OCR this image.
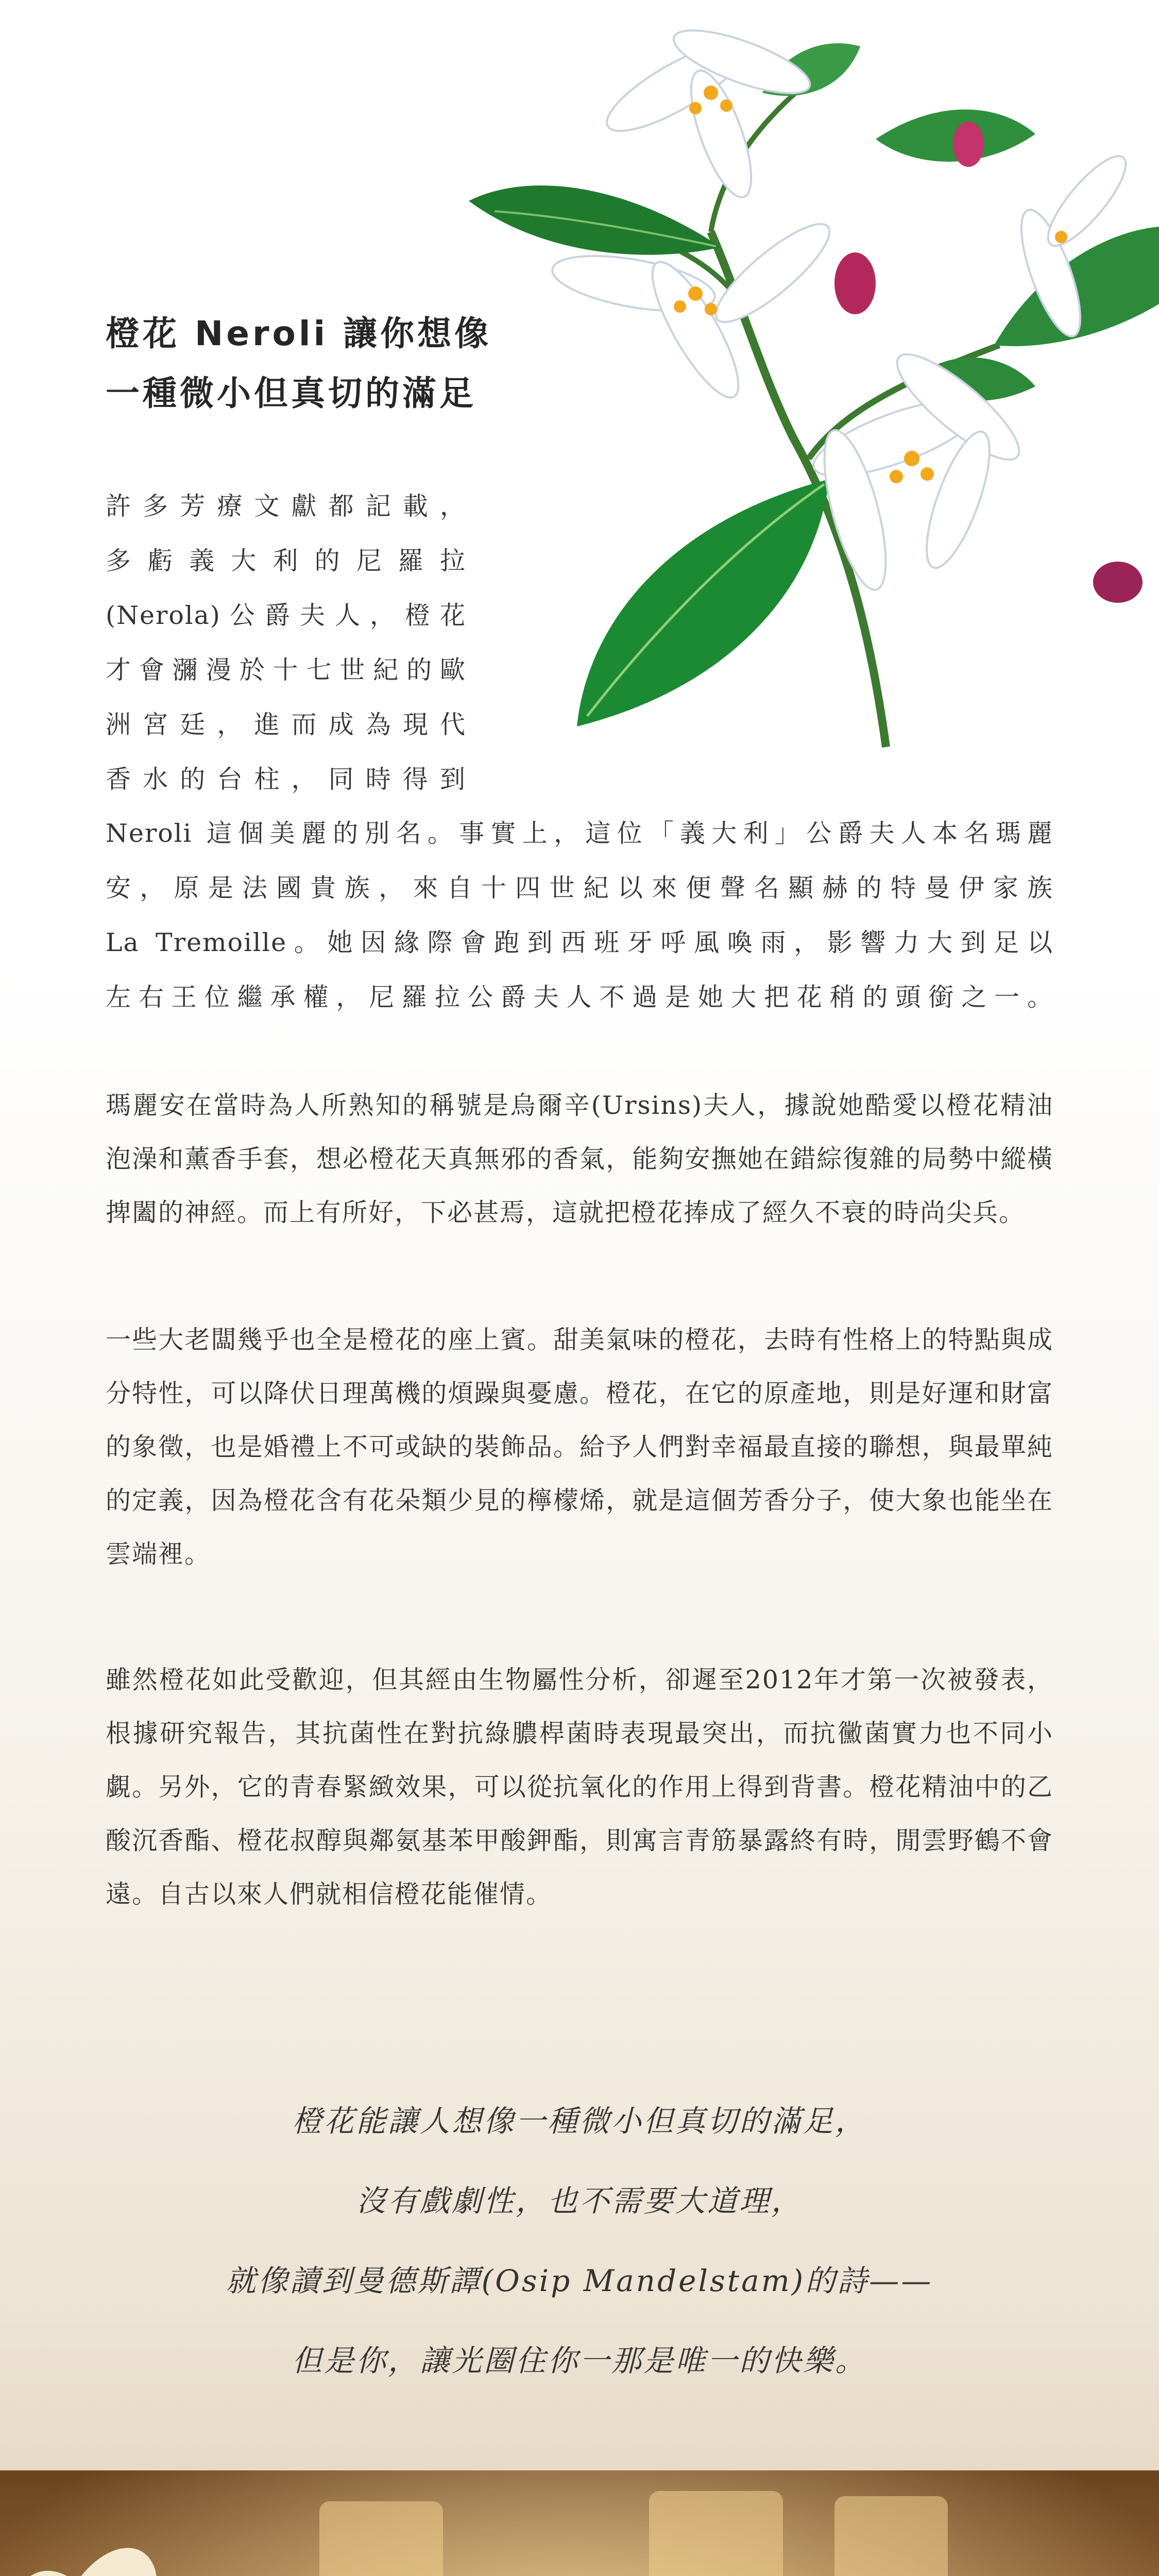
橙花 Neroli 讓你想像
一種微小但真切的滿足
許多芳療文獻都記載，
多虧義大利的尼羅拉
(Nerola)公爵夫人，橙花
才會瀰漫於十七世紀的歐
洲宮廷，進而成為現代
香水的台柱，同時得到
Neroli 這個美麗的別名。事實上，這位「義大利」公爵夫人本名瑪麗
安，原是法國貴族，來自十四世紀以來便聲名顯赫的特曼伊家族
La Tremoille。她因緣際會跑到西班牙呼風喚雨，影響力大到足以
左右王位繼承權，尼羅拉公爵夫人不過是她大把花稍的頭銜之一。

瑪麗安在當時為人所熟知的稱號是烏爾辛(Ursins)夫人，據說她酷愛以橙花精油泡澡和薰香手套，想必橙花天真無邪的香氣，能夠安撫她在錯綜復雜的局勢中縱橫捭闔的神經。而上有所好，下必甚焉，這就把橙花捧成了經久不衰的時尚尖兵。

一些大老闆幾乎也全是橙花的座上賓。甜美氣味的橙花，去時有性格上的特點與成分特性，可以降伏日理萬機的煩躁與憂慮。橙花，在它的原產地，則是好運和財富的象徵，也是婚禮上不可或缺的裝飾品。給予人們對幸福最直接的聯想，與最單純的定義，因為橙花含有花朵類少見的檸檬烯，就是這個芳香分子，使大象也能坐在雲端裡。

雖然橙花如此受歡迎，但其經由生物屬性分析，卻遲至2012年才第一次被發表，根據研究報告，其抗菌性在對抗綠膿桿菌時表現最突出，而抗黴菌實力也不同小覷。另外，它的青春緊緻效果，可以從抗氧化的作用上得到背書。橙花精油中的乙酸沉香酯、橙花叔醇與鄰氨基苯甲酸鉀酯，則寓言青筋暴露終有時，閒雲野鶴不會遠。自古以來人們就相信橙花能催情。

橙花能讓人想像一種微小但真切的滿足，
沒有戲劇性，也不需要大道理，
就像讀到曼德斯譚(Osip Mandelstam)的詩——
但是你，讓光圈住你一那是唯一的快樂。
